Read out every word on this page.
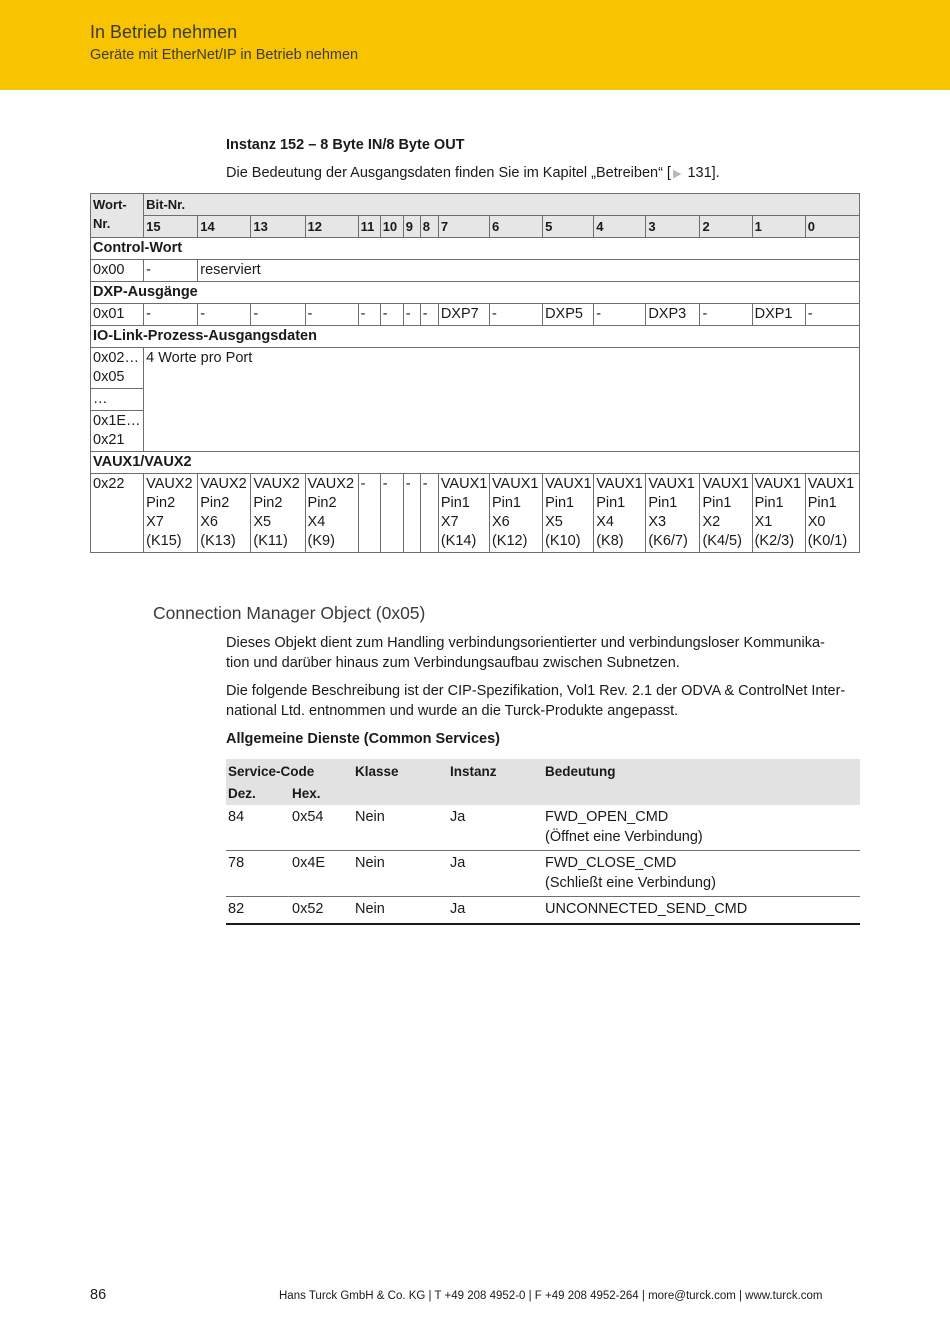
In Betrieb nehmen
Geräte mit EtherNet/IP in Betrieb nehmen
Instanz 152 – 8 Byte IN/8 Byte OUT
Die Bedeutung der Ausgangsdaten finden Sie im Kapitel „Betreiben“ [ ▶ 131].
Wort-
Nr.	Bit-Nr.															
	15	14	13	12	11	10	9	8	7	6	5	4	3	2	1	0
Control-Wort																
0x00	-	reserviert														
DXP-Ausgänge																
0x01	-	-	-	-	-	-	-	-	DXP7	-	DXP5	-	DXP3	-	DXP1	-
IO-Link-Prozess-Ausgangsdaten																
0x02…
0x05	4 Worte pro Port															
…																
0x1E…
0x21																
VAUX1/VAUX2																
0x22	VAUX2
Pin2
X7
(K15)	VAUX2
Pin2
X6
(K13)	VAUX2
Pin2
X5
(K11)	VAUX2
Pin2
X4
(K9)	-	-	-	-	VAUX1
Pin1
X7
(K14)	VAUX1
Pin1
X6
(K12)	VAUX1
Pin1
X5
(K10)	VAUX1
Pin1
X4
(K8)	VAUX1
Pin1
X3
(K6/7)	VAUX1
Pin1
X2
(K4/5)	VAUX1
Pin1
X1
(K2/3)	VAUX1
Pin1
X0
(K0/1)
Connection Manager Object (0x05)
Dieses Objekt dient zum Handling verbindungsorientierter und verbindungsloser Kommunika-
tion und darüber hinaus zum Verbindungsaufbau zwischen Subnetzen.
Die folgende Beschreibung ist der CIP-Spezifikation, Vol1 Rev. 2.1 der ODVA & ControlNet Inter-
national Ltd. entnommen und wurde an die Turck-Produkte angepasst.
Allgemeine Dienste (Common Services)
Service-Code		Klasse	Instanz	Bedeutung
Dez.	Hex.			
84	0x54	Nein	Ja	FWD_OPEN_CMD
(Öffnet eine Verbindung)
78	0x4E	Nein	Ja	FWD_CLOSE_CMD
(Schließt eine Verbindung)
82	0x52	Nein	Ja	UNCONNECTED_SEND_CMD
86	Hans Turck GmbH & Co. KG | T +49 208 4952-0 | F +49 208 4952-264 | more@turck.com | www.turck.com
